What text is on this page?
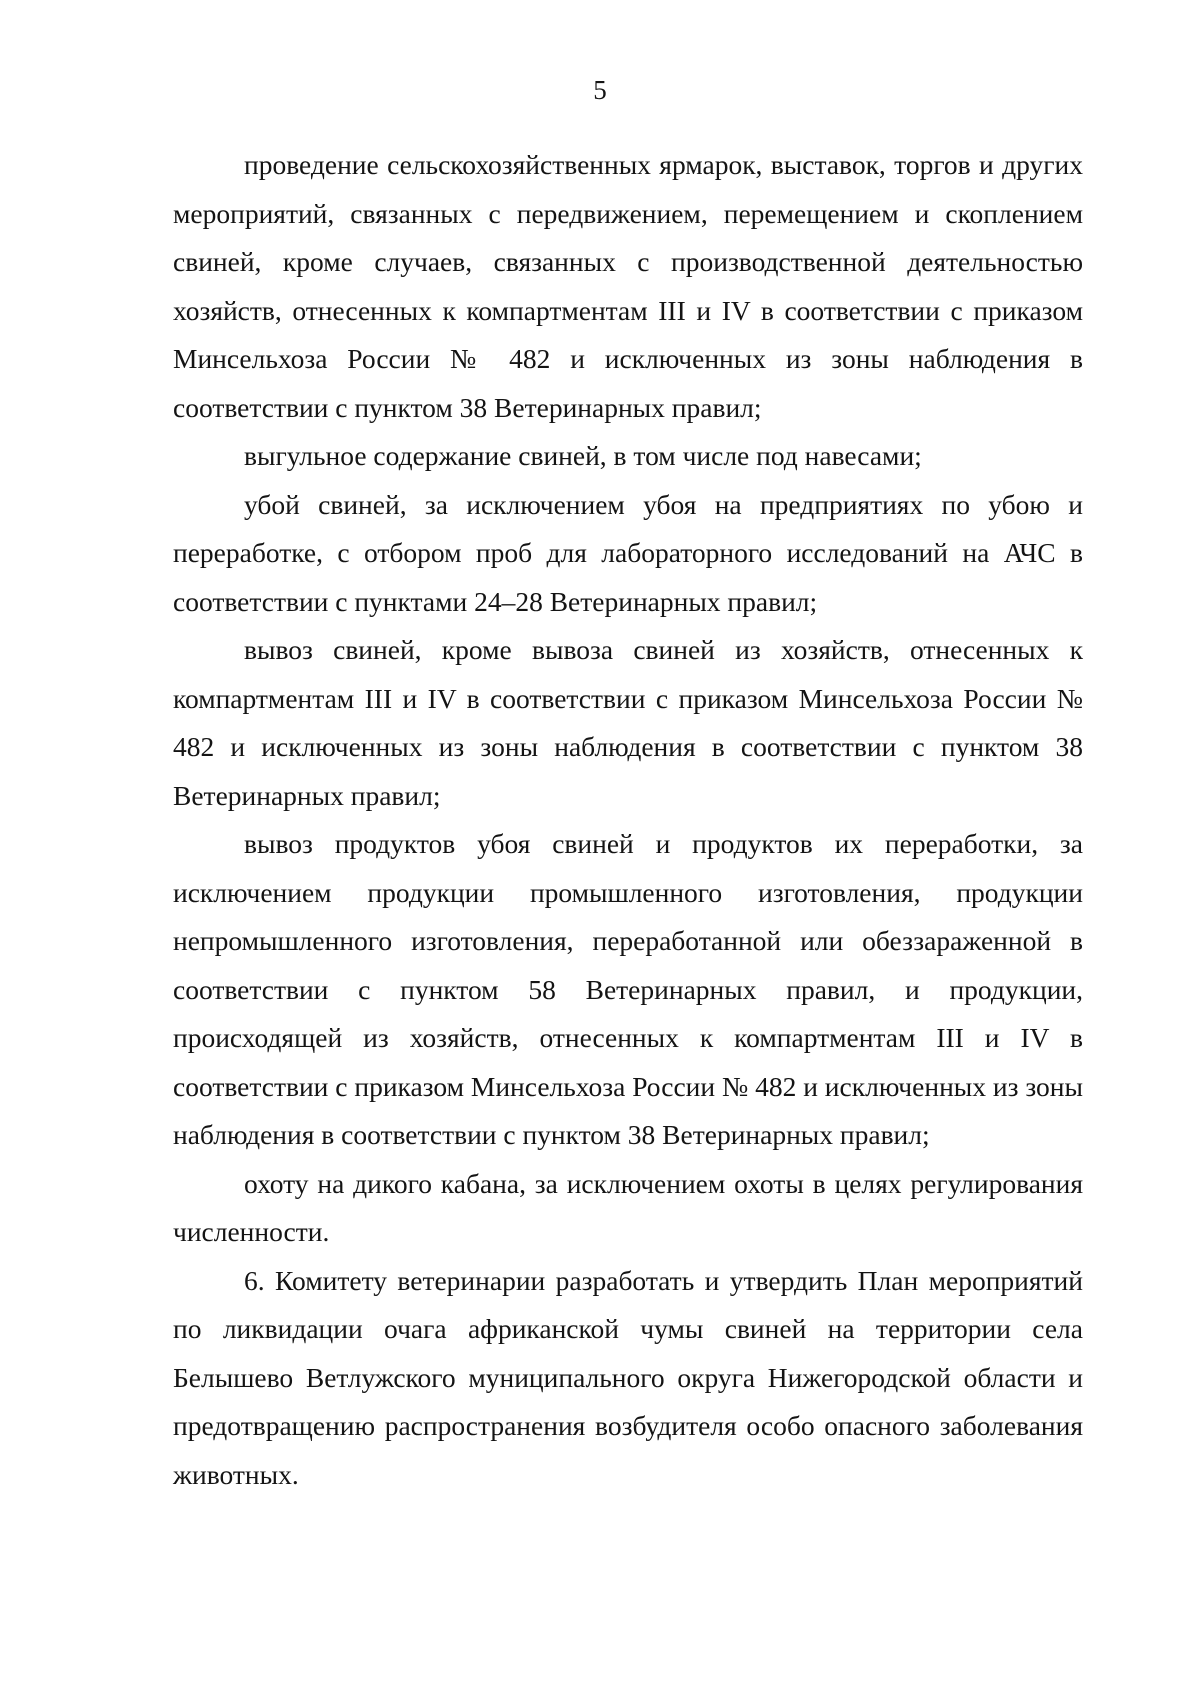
5

проведение сельскохозяйственных ярмарок, выставок, торгов и других мероприятий, связанных с передвижением, перемещением и скоплением свиней, кроме случаев, связанных с производственной деятельностью хозяйств, отнесенных к компартментам III и IV в соответствии с приказом Минсельхоза России № 482 и исключенных из зоны наблюдения в соответствии с пунктом 38 Ветеринарных правил;

выгульное содержание свиней, в том числе под навесами;

убой свиней, за исключением убоя на предприятиях по убою и переработке, с отбором проб для лабораторного исследований на АЧС в соответствии с пунктами 24–28 Ветеринарных правил;

вывоз свиней, кроме вывоза свиней из хозяйств, отнесенных к компартментам III и IV в соответствии с приказом Минсельхоза России № 482 и исключенных из зоны наблюдения в соответствии с пунктом 38 Ветеринарных правил;

вывоз продуктов убоя свиней и продуктов их переработки, за исключением продукции промышленного изготовления, продукции непромышленного изготовления, переработанной или обеззараженной в соответствии с пунктом 58 Ветеринарных правил, и продукции, происходящей из хозяйств, отнесенных к компартментам III и IV в соответствии с приказом Минсельхоза России № 482 и исключенных из зоны наблюдения в соответствии с пунктом 38 Ветеринарных правил;

охоту на дикого кабана, за исключением охоты в целях регулирования численности.

6. Комитету ветеринарии разработать и утвердить План мероприятий по ликвидации очага африканской чумы свиней на территории села Белышево Ветлужского муниципального округа Нижегородской области и предотвращению распространения возбудителя особо опасного заболевания животных.
